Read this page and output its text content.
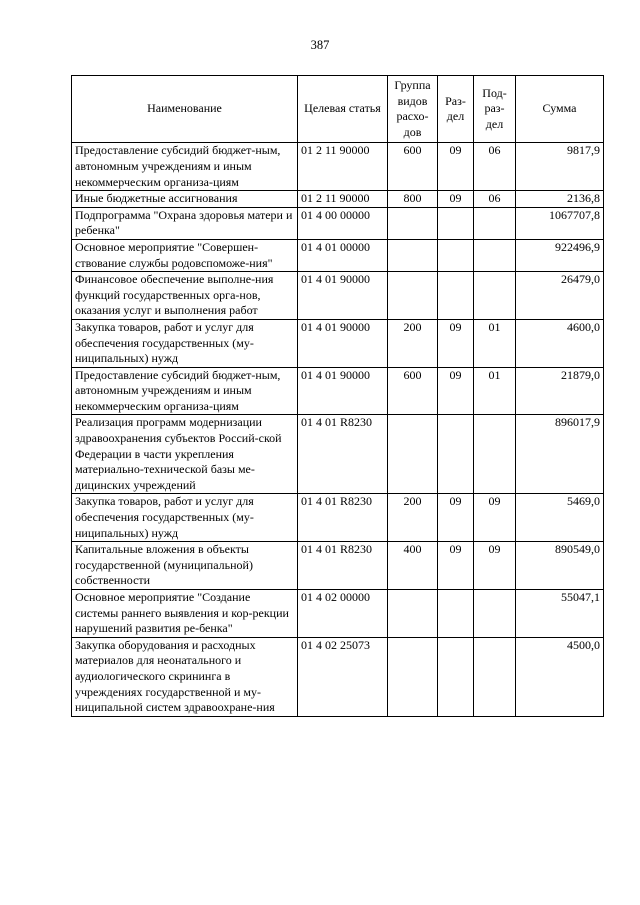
387
Наименование	Целевая статья	Группа видов расхо-дов	Раз-дел	Под-раз-дел	Сумма
Предоставление субсидий бюджет-ным, автономным учреждениям и иным некоммерческим организа-циям	01 2 11 90000	600	09	06	9817,9
Иные бюджетные ассигнования	01 2 11 90000	800	09	06	2136,8
Подпрограмма "Охрана здоровья матери и ребенка"	01 4 00 00000				1067707,8
Основное мероприятие "Совершен-ствование службы родовспоможе-ния"	01 4 01 00000				922496,9
Финансовое обеспечение выполне-ния функций государственных орга-нов, оказания услуг и выполнения работ	01 4 01 90000				26479,0
Закупка товаров, работ и услуг для обеспечения государственных (му-ниципальных) нужд	01 4 01 90000	200	09	01	4600,0
Предоставление субсидий бюджет-ным, автономным учреждениям и иным некоммерческим организа-циям	01 4 01 90000	600	09	01	21879,0
Реализация программ модернизации здравоохранения субъектов Россий-ской Федерации в части укрепления материально-технической базы ме-дицинских учреждений	01 4 01 R8230				896017,9
Закупка товаров, работ и услуг для обеспечения государственных (му-ниципальных) нужд	01 4 01 R8230	200	09	09	5469,0
Капитальные вложения в объекты государственной (муниципальной) собственности	01 4 01 R8230	400	09	09	890549,0
Основное мероприятие "Создание системы раннего выявления и кор-рекции нарушений развития ре-бенка"	01 4 02 00000				55047,1
Закупка оборудования и расходных материалов для неонатального и аудиологического скрининга в учреждениях государственной и му-ниципальной систем здравоохране-ния	01 4 02 25073				4500,0
